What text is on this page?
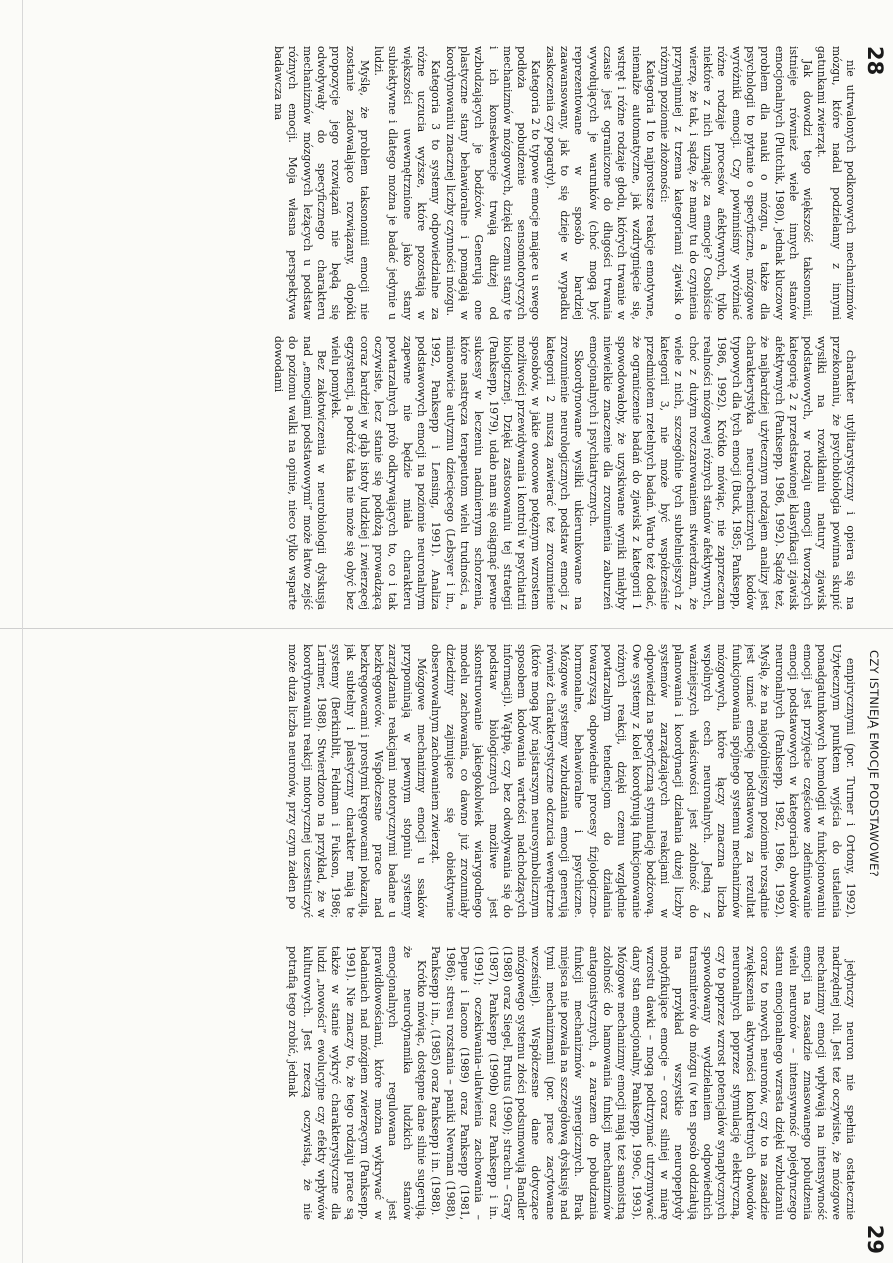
28

nie utrwalonych podkorowych mechanizmów mózgu, które nadal podzielamy z innymi gatunkami zwierząt.

Jak dowodzi tego większość taksonomii, istnieje również wiele innych stanów emocjonalnych (Plutchik, 1980), jednak kluczowy problem dla nauki o mózgu, a także dla psychologii to pytanie o specyficzne, mózgowe wyróżniki emocji. Czy powinniśmy wyróżniać różne rodzaje procesów afektywnych, tylko niektóre z nich uznając za emocje? Osobiście wierzę, że tak, i sądzę, że mamy tu do czynienia przynajmniej z trzema kategoriami zjawisk o różnym poziomie złożoności:

Kategoria 1 to najprostsze reakcje emotywne, niemalże automatyczne, jak wzdrygnięcie się, wstręt i różne rodzaje głodu, których trwanie w czasie jest ograniczone do długości trwania wywołujących je warunków (choć mogą być reprezentowane w sposób bardziej zaawansowany, jak to się dzieje w wypadku zaskoczenia czy pogardy).

Kategoria 2 to typowe emocje mające u swego podłoża pobudzenie sensomotoryczych mechanizmów mózgowych, dzięki czemu stany te i ich konsekwencje trwają dłużej od wzbudzających je bodźców. Generują one plastyczne stany behawioralne i pomagają w koordynowaniu znacznej liczby czynności mózgu.

Kategoria 3 to systemy odpowiedzialne za różne uczucia wyższe, które pozostają w większości uwewnętrznione jako stany subiektywne i dlatego można je badać jedynie u ludzi.

Myślę, że problem taksonomii emocji nie zostanie zadowalająco rozwiązany, dopóki propozycje jego rozwiązań nie będą się odwoływały do specyficznego charakteru mechanizmów mózgowych leżących u podstaw różnych emocji. Moja własna perspektywa badawcza ma

charakter utylitarystyczny i opiera się na przekonaniu, że psychobiologia powinna skupić wysiłki na rozwikłaniu natury zjawisk podstawowych, w rodzaju emocji tworzących kategorię 2 z przedstawionej klasyfikacji zjawisk afektywnych (Panksepp, 1986, 1992). Sądzę też, że najbardziej użytecznym rodzajem analizy jest charakterystyka neurochemicznych kodów typowych dla tych emocji (Buck, 1985; Panksepp, 1986, 1992). Krótko mówiąc, nie zaprzeczam realności mózgowej różnych stanów afektywnych, choć z dużym rozczarowaniem stwierdzam, że wiele z nich, szczególnie tych subtelniejszych z kategorii 3, nie może być współcześnie przedmiotem rzetelnych badań. Warto też dodać, że ograniczenie badań do zjawisk z kategorii 1 spowodowałoby, że uzyskiwane wyniki miałyby niewielkie znaczenie dla zrozumienia zaburzeń emocjonalnych i psychiatrycznych.

Skoordynowane wysiłki ukierunkowane na zrozumienie neurologicznych podstaw emocji z kategorii 2 muszą zawierać też zrozumienie sposobów, w jakie owocowe potężnym wzrostem możliwości przewidywania i kontroli w psychiatrii biologicznej. Dzięki zastosowaniu tej strategii (Panksepp, 1979), udało nam się osiągnąć pewne sukcesy w leczeniu nadmiernym schorzenia, które nastręcza terapeutom wielu trudności, a mianowicie autyzmu dziecięcego (Lebsyer i in., 1992, Panksepp i Lensing, 1991). Analiza podstawowych emocji na poziomie neuronalnym zapewne nie będzie miała charakteru powtarzalnych prób odkrywających to, co i tak oczywiste, lecz stanie się podłożą prowadzącą coraz bardziej w głąb istoty ludzkiej i zwierzęcej egzystencji, a podróż taka nie może się obyć bez wielu pomyłek.

Bez zakotwiczenia w neurobiologii dyskusja nad „emocjami podstawowymi” może łatwo zejść do poziomu walki na opinie, nieco tylko wsparte dowodami

29
CZY ISTNIEJĄ EMOCJE PODSTAWOWE?

empirycznymi (por. Turner i Ortony, 1992). Użytecznym punktem wyjścia do ustalenia ponadgatunkowych homologii w funkcjonowaniu emocji jest przyjęcie częściowe zdefiniowanie emocji podstawowych w kategoriach obwodów neuronalnych (Panksepp, 1982, 1986, 1992). Myślę, że na najogólniejszym poziomie rozsądnie jest uznać emocję podstawową za rezultat funkcjonowania spójnego systemu mechanizmów mózgowych, które łączy znaczna liczba wspólnych cech neuronalnych. Jedną z ważniejszych właściwości jest zdolność do planowania i koordynacji działania dużej liczby systemów zarządzających reakcjami w odpowiedzi na specyficzną stymulację bodźcową. Owe systemy z kolei koordynują funkcjonowanie różnych reakcji, dzięki czemu względnie powtarzalnym tendencjom do działania towarzyszą odpowiednie procesy fizjologiczno-hormonalne, behawioralne i psychiczne. Mózgowe systemy wzbudzania emocji generują również charakterystyczne odczucia wewnętrzne (które mogą być najstarszym neurosymbolicznym sposobem kodowania wartości nadchodzących informacji). Wątpię, czy bez odwoływania się do podstaw biologicznych możliwe jest skonstruowanie jakiegokolwiek wiarygodnego modelu zachowania, co dawno już zrozumiały dziedziny zajmujące się obiektywnie obserwowalnym zachowaniem zwierząt.

Mózgowe mechanizmy emocji u ssaków przypominają w pewnym stopniu systemy zarządzania reakcjami motorycznymi badane u bezkręgowców. Współczesne prace nad bezkręgowcami i prostymi kręgowcami pokazują, jak subtelny i plastyczny charakter mają te systemy (Berkinblit, Feldman i Fukson, 1986; Larimer, 1988). Stwierdzono na przykład, że w koordynowaniu reakcji motorycznej uczestniczyć może duża liczba neuronów, przy czym żaden po

jedynczy neuron nie spełnia ostatecznie nadrzędnej roli. Jest też oczywiste, że mózgowe mechanizmy emocji wpływają na intensywność emocji na zasadzie zmasowanego pobudzenia wielu neuronów – intensywność pojedynczego stanu emocjonalnego wzrasta dzięki wzbudzaniu coraz to nowych neuronów, czy to na zasadzie zwiększenia aktywności konkretnych obwodów neuronalnych poprzez stymulację elektryczną, czy to poprzez wzrost potencjałów synaptycznych spowodowany wydzielaniem odpowiednich transmiterów do mózgu (w ten sposób oddziałują na przykład wszystkie neuropeptydy modyfikujące emocje – coraz silniej w miarę wzrostu dawki – mogą podtrzymać utrzymywać dany stan emocjonalny, Panksepp, 1990c, 1993). Mózgowe mechanizmy emocji mają też samoistną zdolność do hamowania funkcji mechanizmów antagonistycznych, a zarazem do pobudzania funkcji mechanizmów synergicznych. Brak miejsca nie pozwala na szczegółową dyskusję nad tymi mechanizmami (por. prace zacytowane wcześniej). Współczesne dane dotyczące mózgowego systemu złości podsumowują Bandler (1988) oraz Siegel, Brutus (1990); strachu – Gray (1987), Panksepp (1990b) oraz Panksepp i in. (1991); oczekiwania–ulatwienia zachowania – Depue i Iacono (1989) oraz Panksepp (1981, 1986); stresu rozstania – paniki Newman (1988), Panksepp i in., (1985) oraz Panksepp i in. (1988).

Krótko mówiąc, dostępne dane silnie sugerują, że neurodynamika ludzkich stanów emocjonalnych regulowana jest prawidłowościami, które można wykrywać w badaniach nad mózgiem zwierzęcym (Panksepp, 1991). Nie znaczy to, że tego rodzaju prace są także w stanie wykryć charakterystyczne dla ludzi „nowości” ewolucyjne czy efekty wpływów kulturowych. Jest rzeczą oczywistą, że nie potrafią tego zrobić, jednak
